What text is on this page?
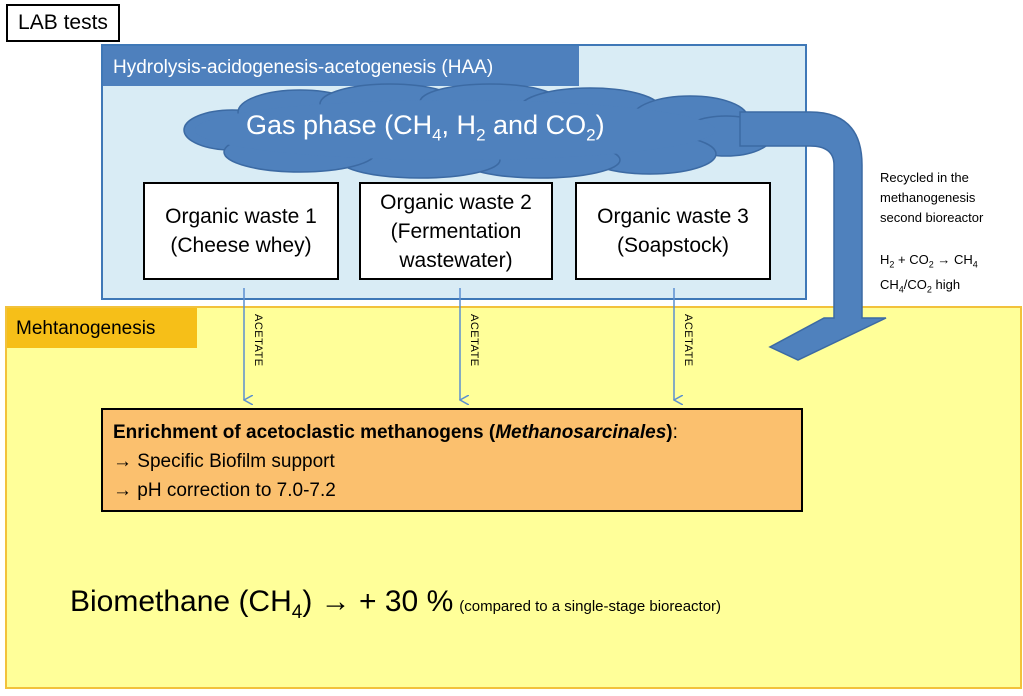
LAB tests
Hydrolysis-acidogenesis-acetogenesis (HAA)
Mehtanogenesis
Gas phase ($CH_4$, $H_2$ and $CO_2$)
Organic waste 1
(Cheese whey)
Organic waste 2
(Fermentation
wastewater)
Organic waste 3
(Soapstock)
ACETATE	ACETATE	ACETATE
Recycled in the
methanogenesis
second bioreactor
$H_2 + CO_2 \to CH_4$
$CH_4/CO_2$ high
Enrichment of acetoclastic methanogens (Methanosarcinales):
→ Specific Biofilm support
→ pH correction to 7.0-7.2
Biomethane $(CH_4)$ → + 30 % (compared to a single-stage bioreactor)
